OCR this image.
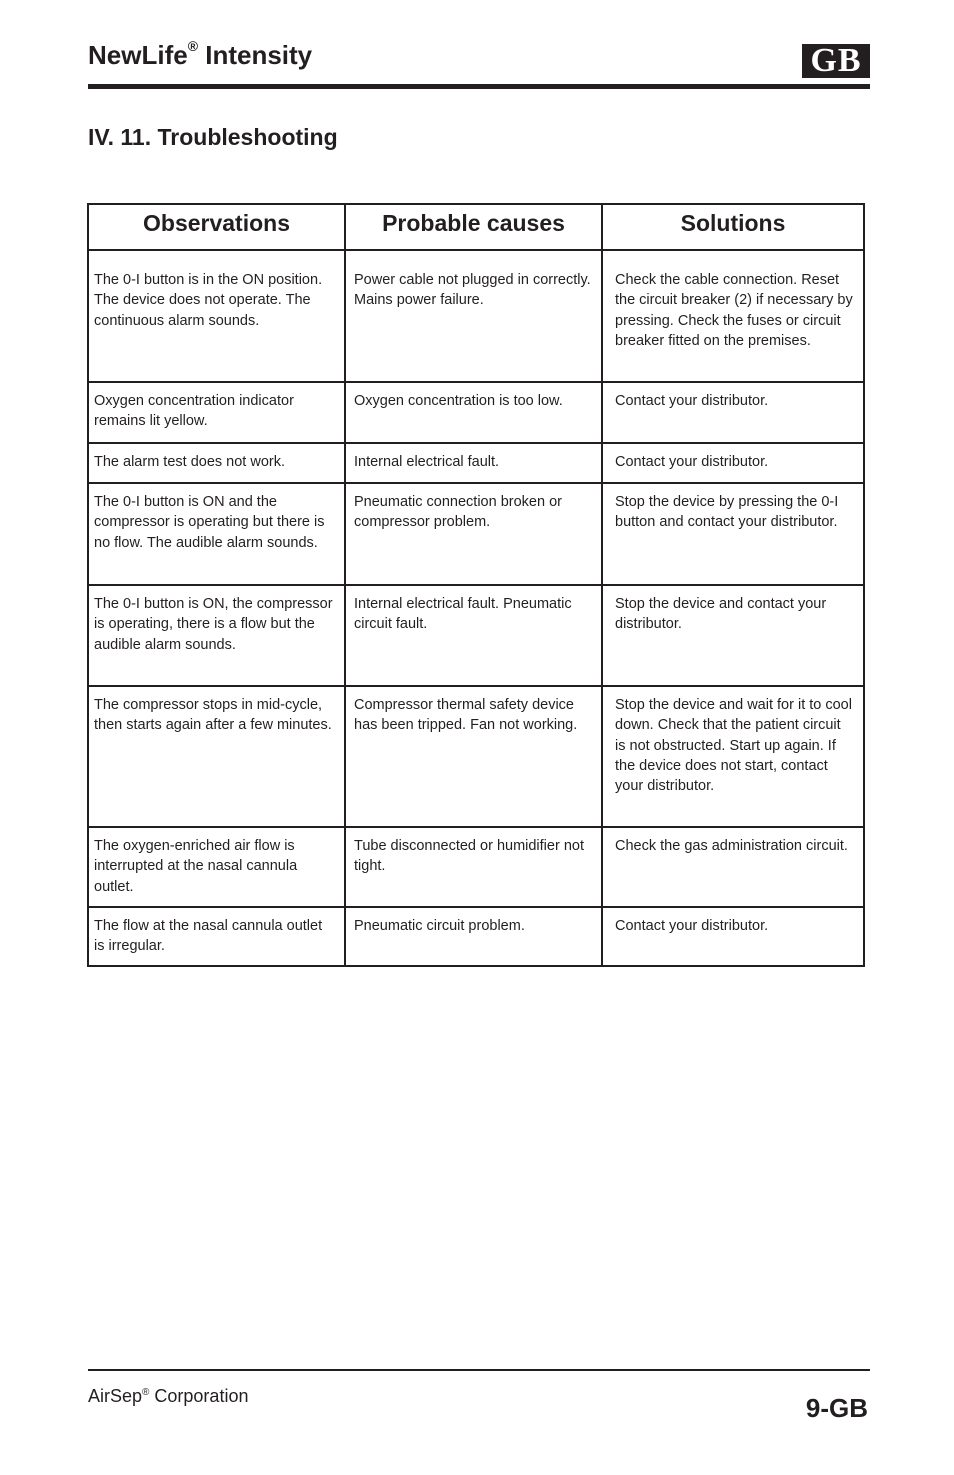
NewLife® Intensity	GB
IV. 11. Troubleshooting
Observations	Probable causes	Solutions
The 0-I button is in the ON position. The device does not operate. The continuous alarm sounds.	Power cable not plugged in correctly. Mains power failure.	Check the cable connection. Reset the circuit breaker (2) if necessary by pressing. Check the fuses or circuit breaker fitted on the premises.
Oxygen concentration indicator remains lit yellow.	Oxygen concentration is too low.	Contact your distributor.
The alarm test does not work.	Internal electrical fault.	Contact your distributor.
The 0-I button is ON and the compressor is operating but there is no flow. The audible alarm sounds.	Pneumatic connection broken or compressor problem.	Stop the device by pressing the 0-I button and contact your distributor.
The 0-I button is ON, the compressor is operating, there is a flow but the audible alarm sounds.	Internal electrical fault. Pneumatic circuit fault.	Stop the device and contact your distributor.
The compressor stops in mid-cycle, then starts again after a few minutes.	Compressor thermal safety device has been tripped. Fan not working.	Stop the device and wait for it to cool down. Check that the patient circuit is not obstructed. Start up again. If the device does not start, contact your distributor.
The oxygen-enriched air flow is interrupted at the nasal cannula outlet.	Tube disconnected or humidifier not tight.	Check the gas administration circuit.
The flow at the nasal cannula outlet is irregular.	Pneumatic circuit problem.	Contact your distributor.
AirSep® Corporation	9-GB
